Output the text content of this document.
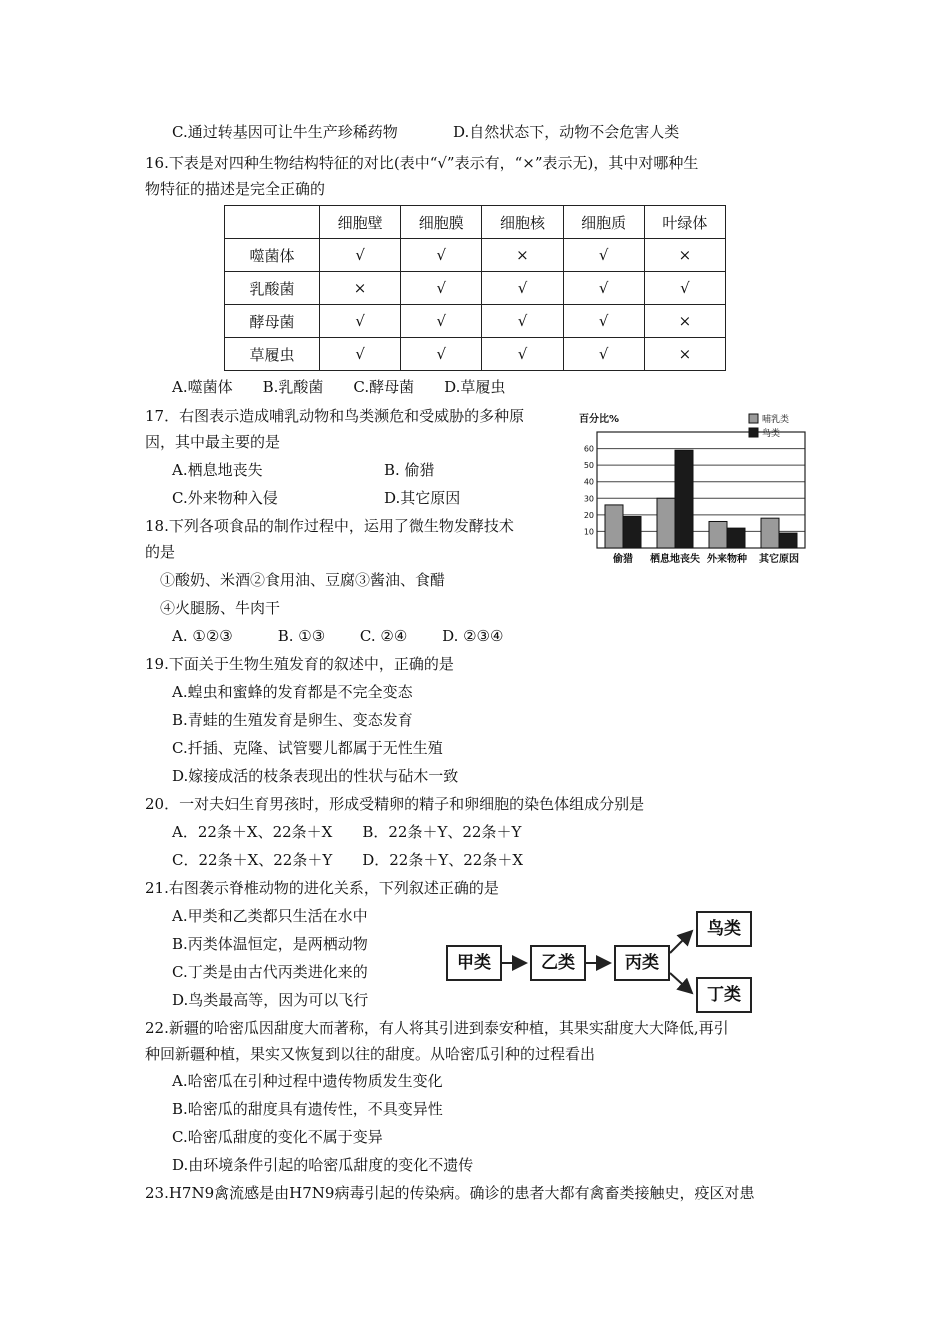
C.通过转基因可让牛生产珍稀药物	D.自然状态下，动物不会危害人类
16.下表是对四种生物结构特征的对比(表中“√”表示有，“×”表示无)，其中对哪种生
物特征的描述是完全正确的
	细胞壁	细胞膜	细胞核	细胞质	叶绿体
噬菌体	√	√	×	√	×
乳酸菌	×	√	√	√	√
酵母菌	√	√	√	√	×
草履虫	√	√	√	√	×
A.噬菌体　　B.乳酸菌　　C.酵母菌　　D.草履虫
17．右图表示造成哺乳动物和鸟类濒危和受威胁的多种原
因，其中最主要的是
A.栖息地丧失	B. 偷猎
C.外来物种入侵	D.其它原因
10
20
30
40
50
60
百分比%
偷猎 栖息地丧失 外来物种 其它原因
哺乳类
鸟类
18.下列各项食品的制作过程中，运用了微生物发酵技术
的是
①酸奶、米酒②食用油、豆腐③酱油、食醋
④火腿肠、牛肉干
A. ①②③　　　B. ①③　　 C. ②④　　 D. ②③④
19.下面关于生物生殖发育的叙述中，正确的是
A.蝗虫和蜜蜂的发育都是不完全变态
B.青蛙的生殖发育是卵生、变态发育
C.扦插、克隆、试管婴儿都属于无性生殖
D.嫁接成活的枝条表现出的性状与砧木一致
20．一对夫妇生育男孩时，形成受精卵的精子和卵细胞的染色体组成分别是
A．22条＋X、22条＋X　　B．22条＋Y、22条＋Y
C．22条＋X、22条＋Y　　D．22条＋Y、22条＋X
21.右图袭示脊椎动物的进化关系，下列叙述正确的是
A.甲类和乙类都只生活在水中
B.丙类体温恒定，是两栖动物
C.丁类是由古代丙类进化来的
D.鸟类最高等，因为可以飞行
甲类	乙类	丙类
鸟类
丁类
22.新疆的哈密瓜因甜度大而著称，有人将其引进到泰安种植，其果实甜度大大降低,再引
种回新疆种植，果实又恢复到以往的甜度。从哈密瓜引种的过程看出
A.哈密瓜在引种过程中遗传物质发生变化
B.哈密瓜的甜度具有遗传性，不具变异性
C.哈密瓜甜度的变化不属于变异
D.由环境条件引起的哈密瓜甜度的变化不遗传
23.H7N9禽流感是由H7N9病毒引起的传染病。确诊的患者大都有禽畜类接触史，疫区对患
